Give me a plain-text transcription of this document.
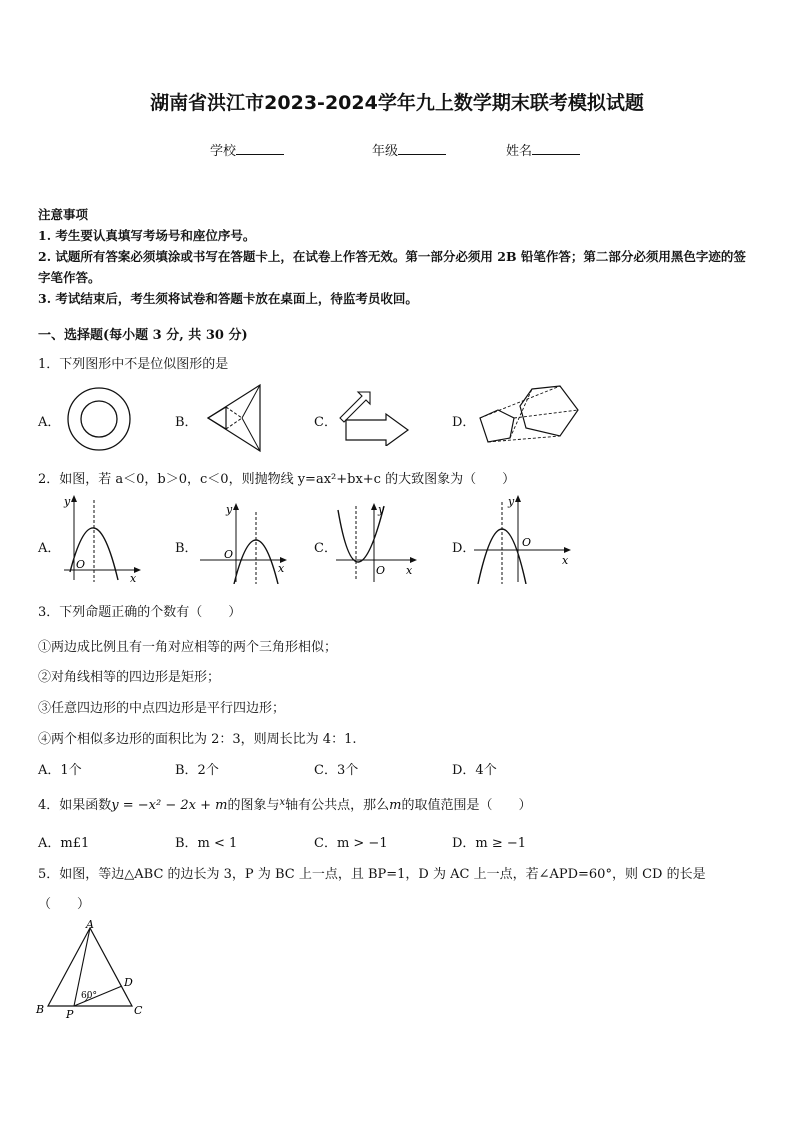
湖南省洪江市2023-2024学年九上数学期末联考模拟试题
学校	年级	姓名
注意事项
1. 考生要认真填写考场号和座位序号。
2. 试题所有答案必须填涂或书写在答题卡上，在试卷上作答无效。第一部分必须用 2B 铅笔作答；第二部分必须用黑色字迹的签字笔作答。
3. 考试结束后，考生须将试卷和答题卡放在桌面上，待监考员收回。
一、选择题(每小题 3 分, 共 30 分)
1．下列图形中不是位似图形的是
A．	B．	C．	D．
2．如图，若 a＜0，b＞0，c＜0，则抛物线 y=ax²+bx+c 的大致图象为（　　）
A．
y
x
O
B．
y
x
O	C．
y
x
O
D．
y
x
O
3．下列命题正确的个数有（　　）
①两边成比例且有一角对应相等的两个三角形相似；
②对角线相等的四边形是矩形；
③任意四边形的中点四边形是平行四边形；
④两个相似多边形的面积比为 2：3，则周长比为 4：1.
A．1个	B．2个	C．3个	D．4个
4．如果函数y = −x² − 2x + m的图象与$^x$轴有公共点，那么m的取值范围是（　　）
A．m£1	B．m < 1	C．m > −1	D．m ≥ −1
5．如图，等边△ABC 的边长为 3，P 为 BC 上一点，且 BP=1，D 为 AC 上一点，若∠APD=60°，则 CD 的长是
（　　）
A
B	C
D
P
60°
